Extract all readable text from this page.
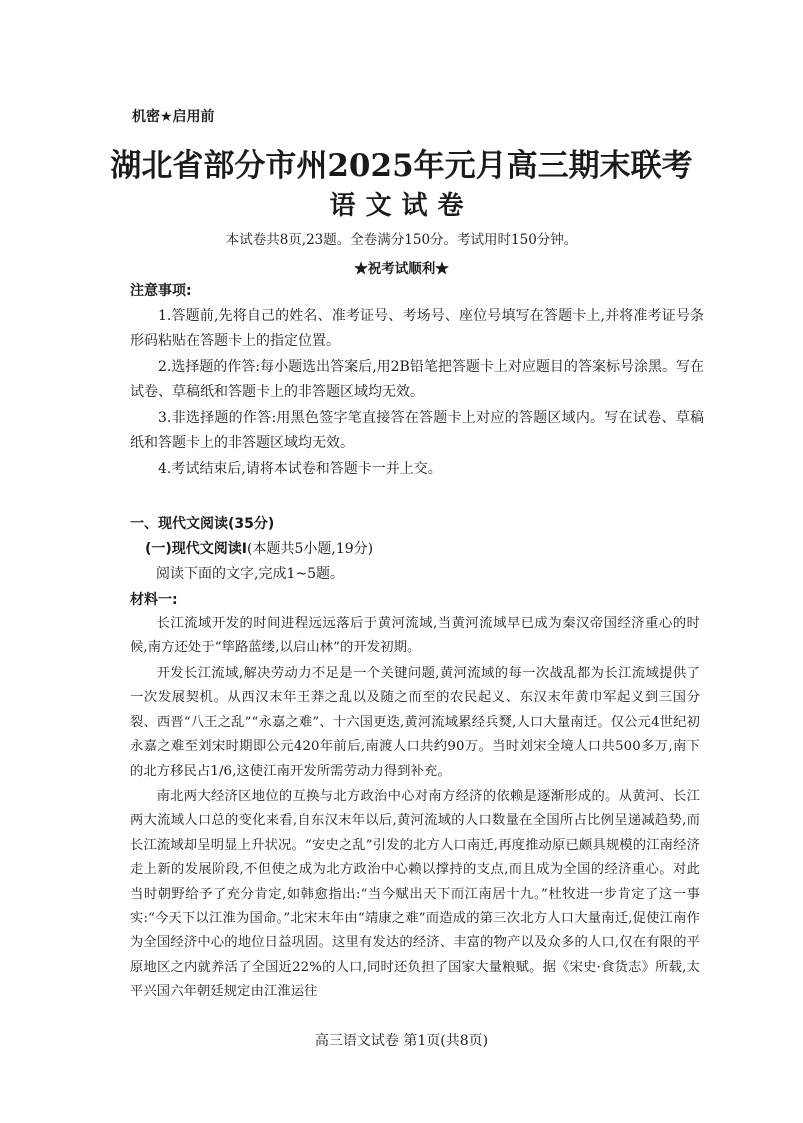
机密★启用前
湖北省部分市州2025年元月高三期末联考
语文试卷
本试卷共8页,23题。全卷满分150分。考试用时150分钟。
★祝考试顺利★
注意事项:

1.答题前,先将自己的姓名、准考证号、考场号、座位号填写在答题卡上,并将准考证号条形码粘贴在答题卡上的指定位置。

2.选择题的作答:每小题选出答案后,用2B铅笔把答题卡上对应题目的答案标号涂黑。写在试卷、草稿纸和答题卡上的非答题区域均无效。

3.非选择题的作答:用黑色签字笔直接答在答题卡上对应的答题区域内。写在试卷、草稿纸和答题卡上的非答题区域均无效。

4.考试结束后,请将本试卷和答题卡一并上交。

一、现代文阅读(35分)
(一)现代文阅读Ⅰ(本题共5小题,19分)
阅读下面的文字,完成1~5题。
材料一:

长江流域开发的时间进程远远落后于黄河流域,当黄河流域早已成为秦汉帝国经济重心的时候,南方还处于“筚路蓝缕,以启山林”的开发初期。

开发长江流域,解决劳动力不足是一个关键问题,黄河流域的每一次战乱都为长江流域提供了一次发展契机。从西汉末年王莽之乱以及随之而至的农民起义、东汉末年黄巾军起义到三国分裂、西晋“八王之乱”“永嘉之难”、十六国更迭,黄河流域累经兵燹,人口大量南迁。仅公元4世纪初永嘉之难至刘宋时期即公元420年前后,南渡人口共约90万。当时刘宋全境人口共500多万,南下的北方移民占1/6,这使江南开发所需劳动力得到补充。

南北两大经济区地位的互换与北方政治中心对南方经济的依赖是逐渐形成的。从黄河、长江两大流域人口总的变化来看,自东汉末年以后,黄河流域的人口数量在全国所占比例呈递减趋势,而长江流域却呈明显上升状况。“安史之乱”引发的北方人口南迁,再度推动原已颇具规模的江南经济走上新的发展阶段,不但使之成为北方政治中心赖以撑持的支点,而且成为全国的经济重心。对此当时朝野给予了充分肯定,如韩愈指出:“当今赋出天下而江南居十九。”杜牧进一步肯定了这一事实:“今天下以江淮为国命。”北宋末年由“靖康之难”而造成的第三次北方人口大量南迁,促使江南作为全国经济中心的地位日益巩固。这里有发达的经济、丰富的物产以及众多的人口,仅在有限的平原地区之内就养活了全国近22%的人口,同时还负担了国家大量粮赋。据《宋史·食货志》所载,太平兴国六年朝廷规定由江淮运往

高三语文试卷 第1页(共8页)
